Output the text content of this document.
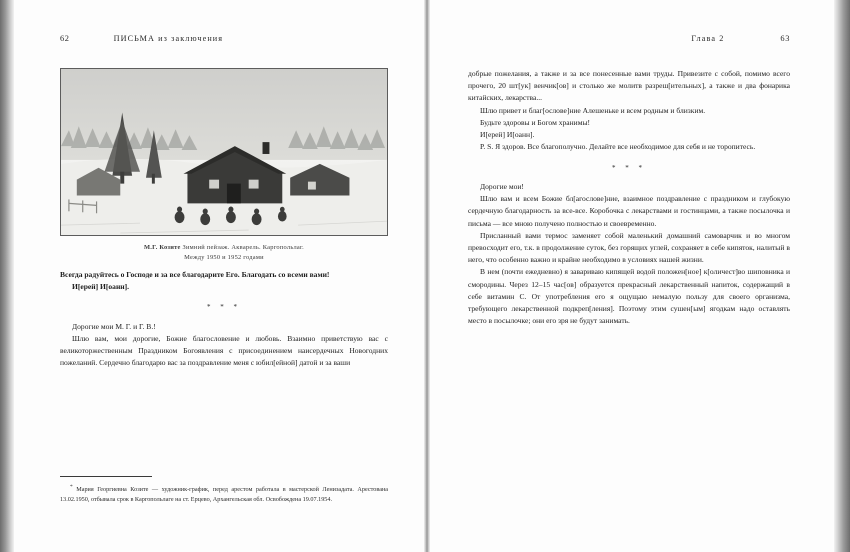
62	ПИСЬМА из заключения
М.Г. Козите Зимний пейзаж. Акварель. Каргопольлаг.
Между 1950 и 1952 годами

Всегда радуйтесь о Господе и за все благодарите Его. Благодать со всеми вами!

И[ерей] И[оанн].

* * *

Дорогие мои М. Г. и Г. В.!

Шлю вам, мои дорогие, Божие благословение и любовь. Взаимно приветствую вас с великоторжественным Праздником Богоявления с присоединением наисердечных Новогодних пожеланий. Сердечно благодарю вас за поздравление меня с юбил[ейной] датой и за ваши

* Мария Георгиевна Козите — художник-график, перед арестом работала в мастерской Ленизадата. Арестована 13.02.1950, отбывала срок в Каргопольлаге на ст. Ерцево, Архангельская обл. Освобождена 19.07.1954.
Глава 2	63

добрые пожелания, а также и за все понесенные вами труды. Привезите с собой, помимо всего прочего, 20 шт[ук] венчик[ов] и столько же молитв разреш[ительных], а также и два фонарика китайских, лекарства...

Шлю привет и благ[ослове]ние Алешеньке и всем родным и близким.

Будьте здоровы и Богом хранимы!

И[ерей] И[оанн].

P. S. Я здоров. Все благополучно. Делайте все необходимое для себя и не торопитесь.

* * *

Дорогие мои!

Шлю вам и всем Божие бл[агослове]ние, взаимное поздравление с праздником и глубокую сердечную благодарность за все-все. Коробочка с лекарствами и гостинцами, а также посылочка и письма — все мною получено полностью и своевременно.

Присланный вами термос заменяет собой маленький домашний самоварчик и во многом превосходит его, т.к. в продолжение суток, без горящих углей, сохраняет в себе кипяток, налитый в него, что особенно важно и крайне необходимо в условиях нашей жизни.

В нем (почти ежедневно) я завариваю кипящей водой положен[ное] к[оличест]во шиповника и смородины. Через 12–15 час[ов] образуется прекрасный лекарственный напиток, содержащий в себе витамин С. От употребления его я ощущаю немалую пользу для своего организма, требующего лекарственной подкреп[ления]. Поэтому этим сушен[ым] ягодкам надо оставлять место в посылочке; они его зря не будут занимать.
